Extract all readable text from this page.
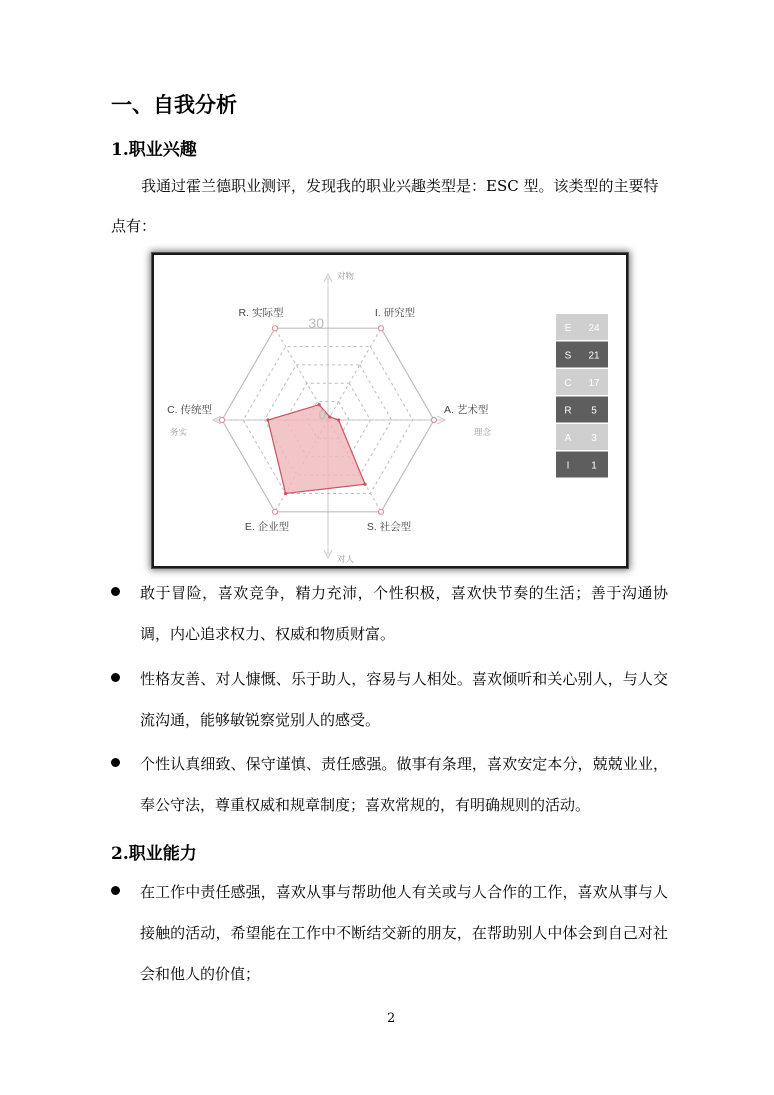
一、自我分析
1.职业兴趣
我通过霍兰德职业测评，发现我的职业兴趣类型是：ESC 型。该类型的主要特点有：
I. 研究型
A. 艺术型
S. 社会型
E. 企业型
C. 传统型
R. 实际型
30
0
对物
对人
务实	理念
E 24
S 21
C 17
R 5
A 3
I 1
敢于冒险，喜欢竞争，精力充沛，个性积极，喜欢快节奏的生活；善于沟通协调，内心追求权力、权威和物质财富。
性格友善、对人慷慨、乐于助人，容易与人相处。喜欢倾听和关心别人，与人交流沟通，能够敏锐察觉别人的感受。
个性认真细致、保守谨慎、责任感强。做事有条理，喜欢安定本分，兢兢业业，奉公守法，尊重权威和规章制度；喜欢常规的，有明确规则的活动。
2.职业能力
在工作中责任感强，喜欢从事与帮助他人有关或与人合作的工作，喜欢从事与人接触的活动，希望能在工作中不断结交新的朋友，在帮助别人中体会到自己对社会和他人的价值；
2
